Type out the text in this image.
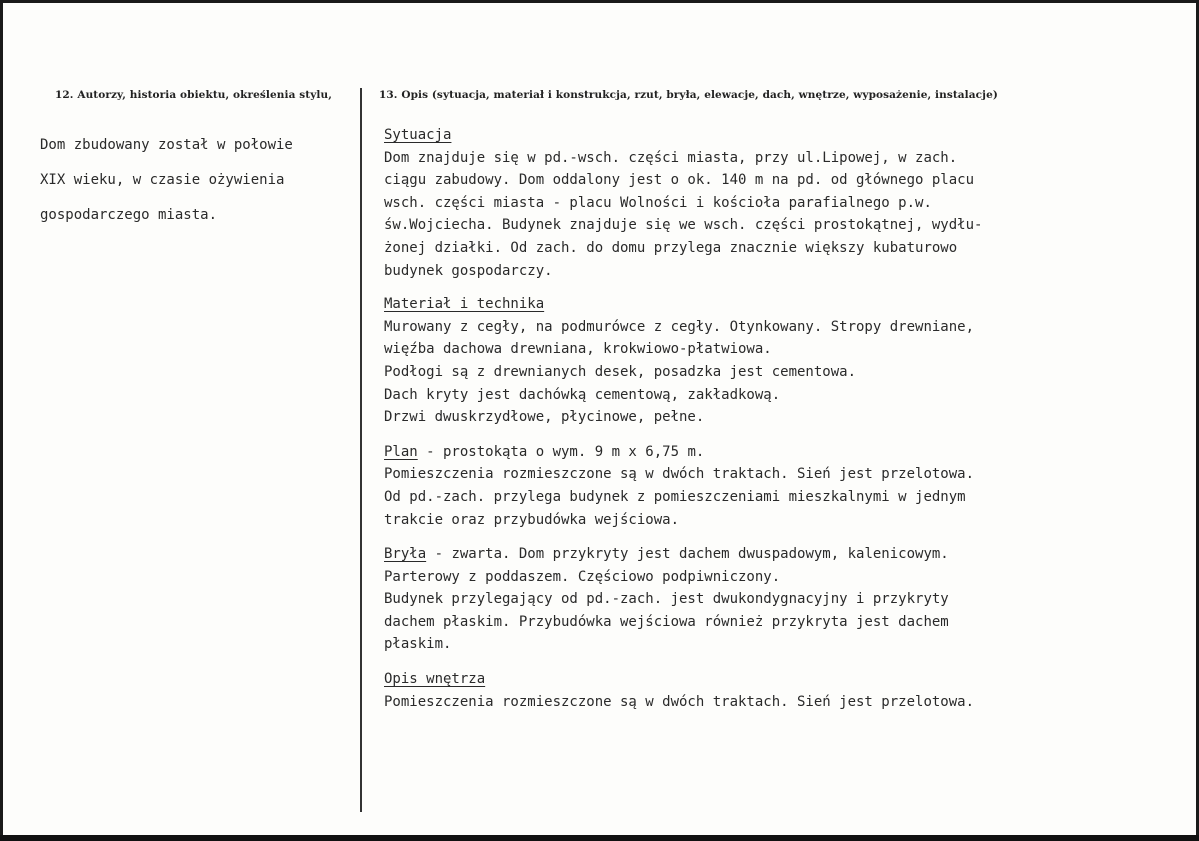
12. Autorzy, historia obiektu, określenia stylu,	13. Opis (sytuacja, materiał i konstrukcja, rzut, bryła, elewacje, dach, wnętrze, wyposażenie, instalacje)
Dom zbudowany został w połowie
XIX wieku, w czasie ożywienia
gospodarczego miasta.
Sytuacja
Dom znajduje się w pd.-wsch. części miasta, przy ul.Lipowej, w zach.
ciągu zabudowy. Dom oddalony jest o ok. 140 m na pd. od głównego placu
wsch. części miasta - placu Wolności i kościoła parafialnego p.w.
św.Wojciecha. Budynek znajduje się we wsch. części prostokątnej, wydłu-
żonej działki. Od zach. do domu przylega znacznie większy kubaturowo
budynek gospodarczy.
Materiał i technika
Murowany z cegły, na podmurówce z cegły. Otynkowany. Stropy drewniane,
więźba dachowa drewniana, krokwiowo-płatwiowa.
Podłogi są z drewnianych desek, posadzka jest cementowa.
Dach kryty jest dachówką cementową, zakładkową.
Drzwi dwuskrzydłowe, płycinowe, pełne.
Plan - prostokąta o wym. 9 m x 6,75 m.
Pomieszczenia rozmieszczone są w dwóch traktach. Sień jest przelotowa.
Od pd.-zach. przylega budynek z pomieszczeniami mieszkalnymi w jednym
trakcie oraz przybudówka wejściowa.
Bryła - zwarta. Dom przykryty jest dachem dwuspadowym, kalenicowym.
Parterowy z poddaszem. Częściowo podpiwniczony.
Budynek przylegający od pd.-zach. jest dwukondygnacyjny i przykryty
dachem płaskim. Przybudówka wejściowa również przykryta jest dachem
płaskim.
Opis wnętrza
Pomieszczenia rozmieszczone są w dwóch traktach. Sień jest przelotowa.
